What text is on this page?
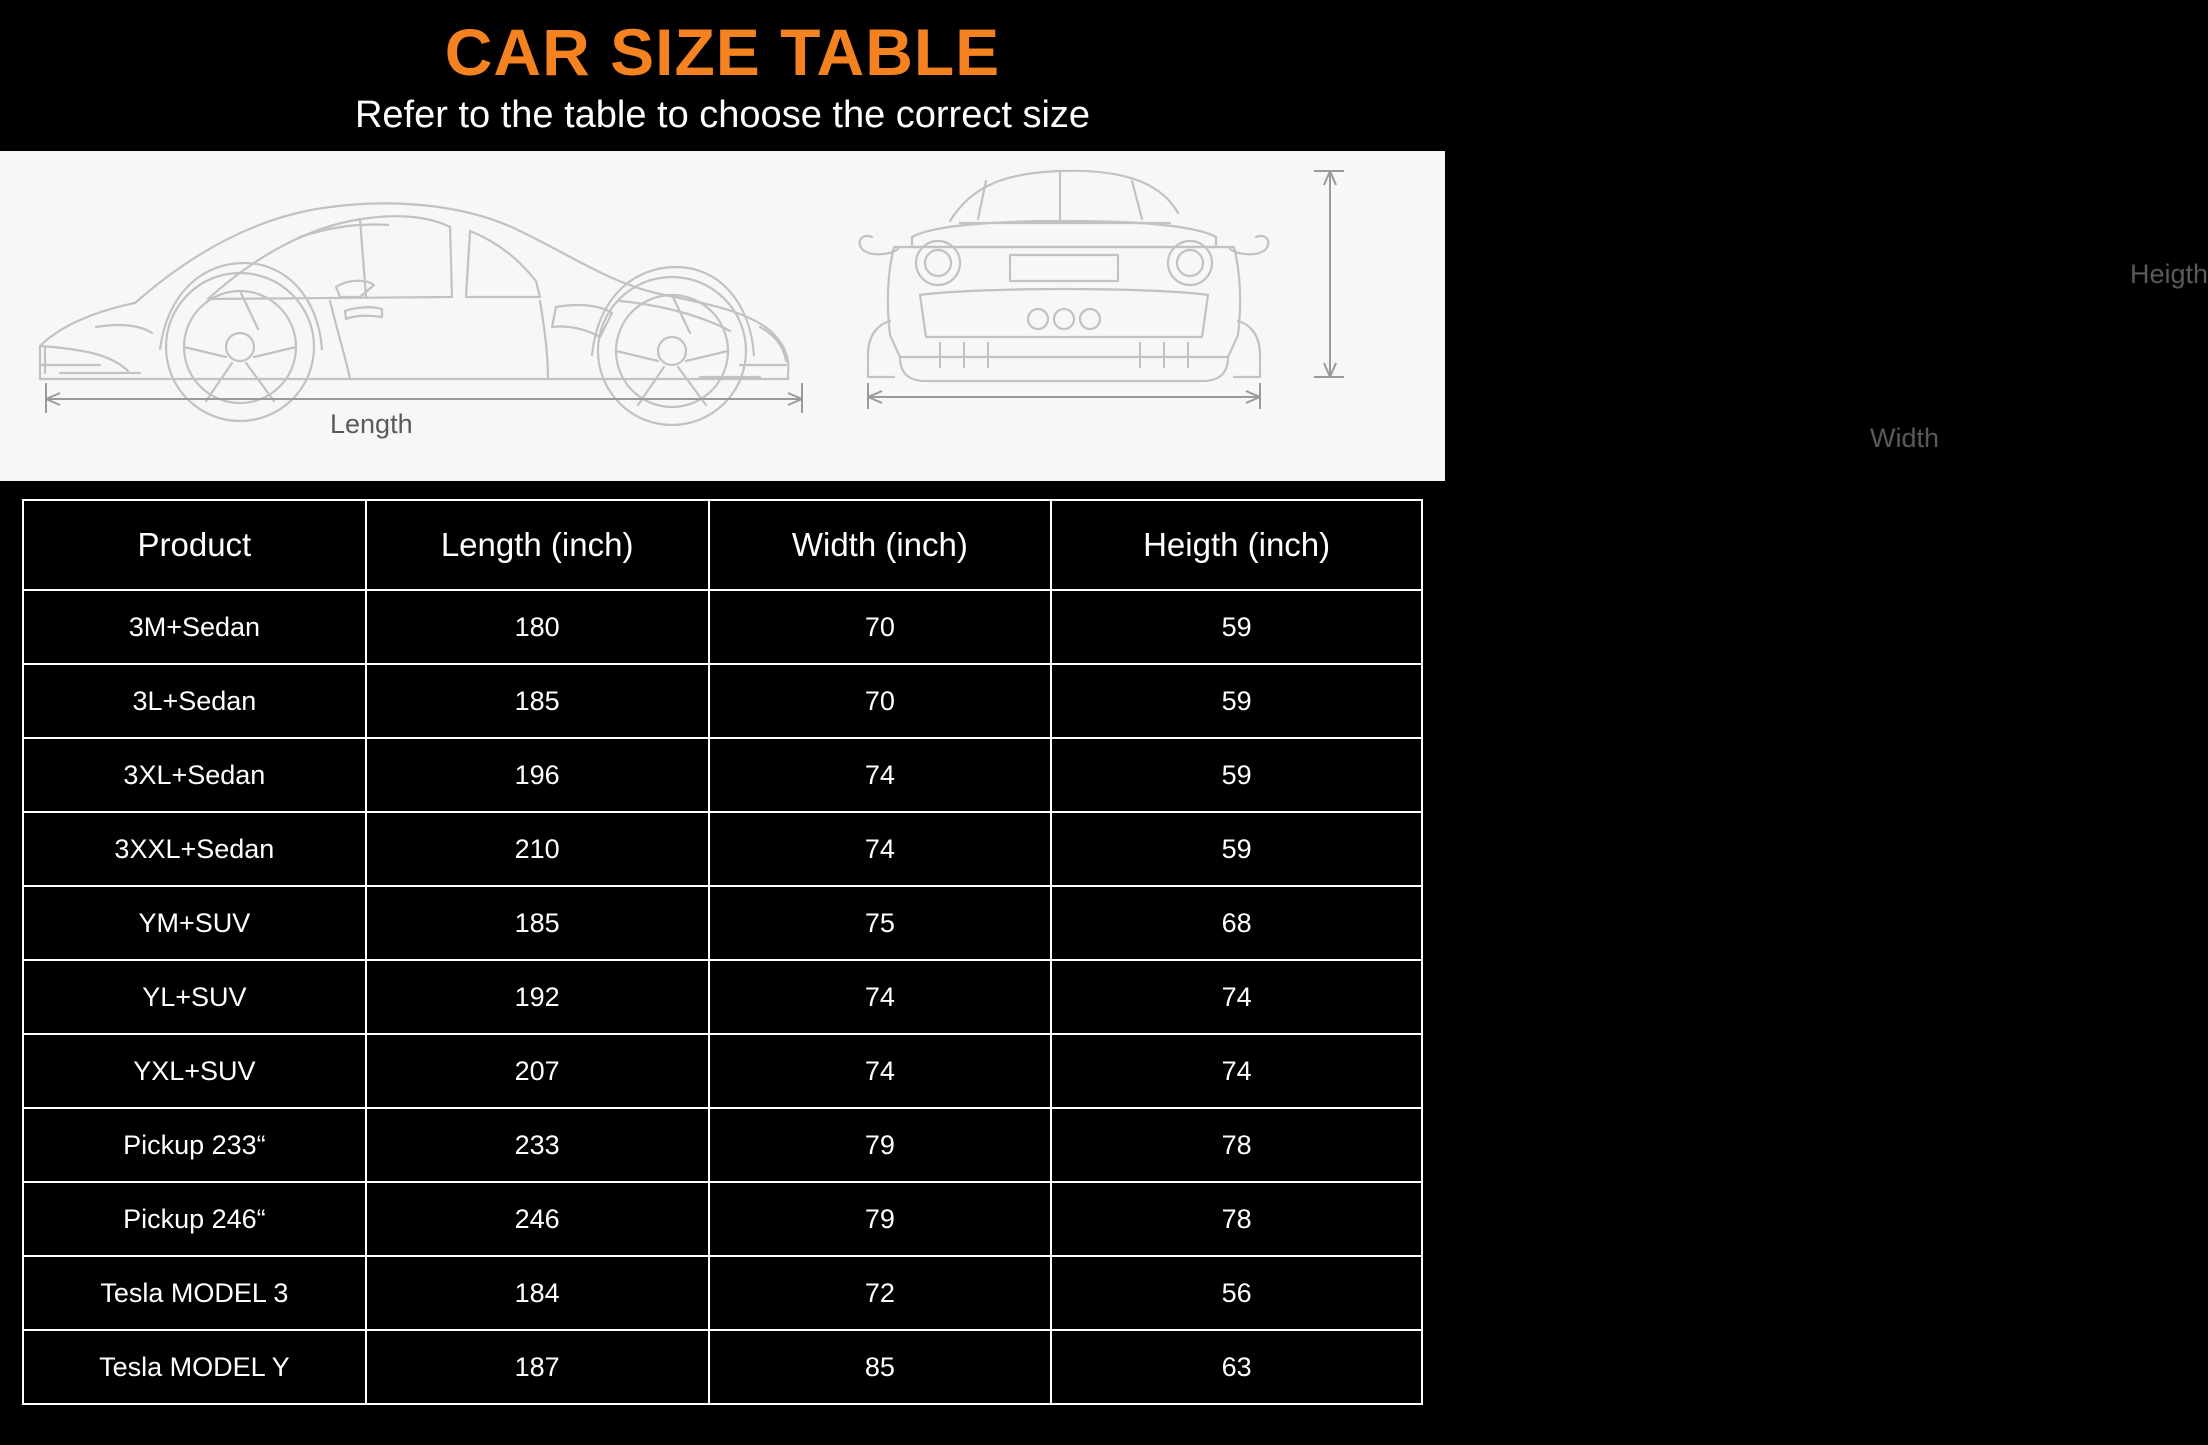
CAR SIZE TABLE
Refer to the table to choose the correct size
Length	Width
Heigth
Product	Length (inch)	Width (inch)	Heigth (inch)
3M+Sedan	180	70	59
3L+Sedan	185	70	59
3XL+Sedan	196	74	59
3XXL+Sedan	210	74	59
YM+SUV	185	75	68
YL+SUV	192	74	74
YXL+SUV	207	74	74
Pickup 233“	233	79	78
Pickup 246“	246	79	78
Tesla MODEL 3	184	72	56
Tesla MODEL Y	187	85	63
